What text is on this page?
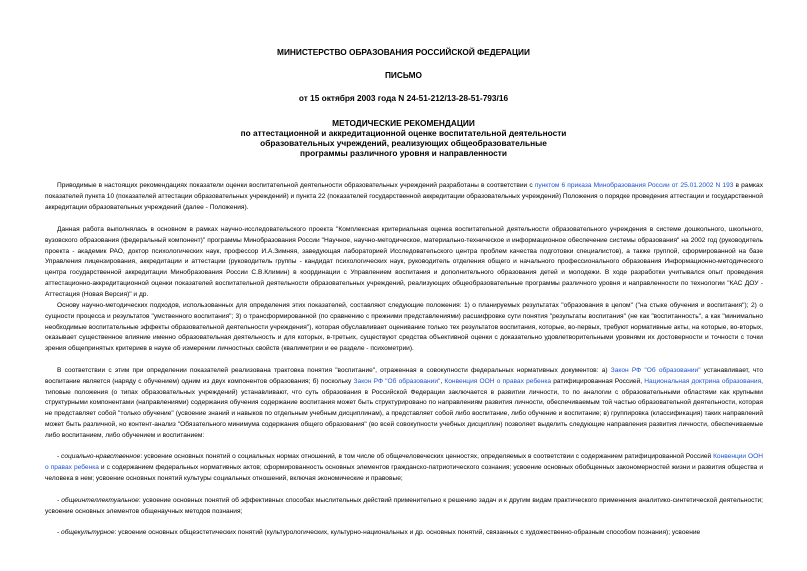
МИНИСТЕРСТВО ОБРАЗОВАНИЯ РОССИЙСКОЙ ФЕДЕРАЦИИ
ПИСЬМО
от 15 октября 2003 года N 24-51-212/13-28-51-793/16
МЕТОДИЧЕСКИЕ РЕКОМЕНДАЦИИ
по аттестационной и аккредитационной оценке воспитательной деятельности
образовательных учреждений, реализующих общеобразовательные
программы различного уровня и направленности
Приводимые в настоящих рекомендациях показатели оценки воспитательной деятельности образовательных учреждений разработаны в соответствии с пунктом 6 приказа Минобразования России от 25.01.2002 N 193 в рамках показателей пункта 10 (показателей аттестации образовательных учреждений) и пункта 22 (показателей государственной аккредитации образовательных учреждений) Положения о порядке проведения аттестации и государственной аккредитации образовательных учреждений (далее - Положения).
Данная работа выполнялась в основном в рамках научно-исследовательского проекта "Комплексная критериальная оценка воспитательной деятельности образовательного учреждения в системе дошкольного, школьного, вузовского образования (федеральный компонент)" программы Минобразования России "Научное, научно-методическое, материально-техническое и информационное обеспечение системы образования" на 2002 год (руководитель проекта - академик РАО, доктор психологических наук, профессор И.А.Зимняя, заведующая лабораторией Исследовательского центра проблем качества подготовки специалистов), а также группой, сформированной на базе Управления лицензирования, аккредитации и аттестации (руководитель группы - кандидат психологических наук, руководитель отделения общего и начального профессионального образования Информационно-методического центра государственной аккредитации Минобразования России С.В.Климин) в координации с Управлением воспитания и дополнительного образования детей и молодежи. В ходе разработки учитывался опыт проведения аттестационно-аккредитационной оценки показателей воспитательной деятельности образовательных учреждений, реализующих общеобразовательные программы различного уровня и направленности по технологии "КАС ДОУ - Аттестация (Новая Версия)" и др.
Основу научно-методических подходов, использованных для определения этих показателей, составляют следующие положения: 1) о планируемых результатах "образования в целом" ("на стыке обучения и воспитания"); 2) о сущности процесса и результатов "умственного воспитания"; 3) о трансформированной (по сравнению с прежними представлениями) расшифровке сути понятия "результаты воспитания" (не как "воспитанность", а как "минимально необходимые воспитательные эффекты образовательной деятельности учреждения"), которая обуславливает оценивание только тех результатов воспитания, которые, во-первых, требуют нормативные акты, на которые, во-вторых, оказывает существенное влияние именно образовательная деятельность и для которых, в-третьих, существуют средства объективной оценки с доказательно удовлетворительными уровнями их достоверности и точности с точки зрения общепринятых критериев в науке об измерении личностных свойств (квалиметрии и ее разделе - психометрии).
В соответствии с этим при определении показателей реализована трактовка понятия "воспитание", отраженная в совокупности федеральных нормативных документов: а) Закон РФ "Об образовании" устанавливает, что воспитание является (наряду с обучением) одним из двух компонентов образования; б) поскольку Закон РФ "Об образовании", Конвенция ООН о правах ребенка ратифицированная Россией, Национальная доктрина образования, типовые положения (о типах образовательных учреждений) устанавливают, что суть образования в Российской Федерации заключается в развитии личности, то по аналогии с образовательными областями как крупными структурными компонентами (направлениями) содержания обучения содержание воспитания может быть структурировано по направлениям развития личности, обеспечиваемым той частью образовательной деятельности, которая не представляет собой "только обучение" (усвоение знаний и навыков по отдельным учебным дисциплинам), а представляет собой либо воспитание, либо обучение и воспитание; в) группировка (классификация) таких направлений может быть различной, но контент-анализ "Обязательного минимума содержания общего образования" (во всей совокупности учебных дисциплин) позволяет выделить следующие направления развития личности, обеспечиваемые либо воспитанием, либо обучением и воспитанием:
- социально-нравственное: усвоение основных понятий о социальных нормах отношений, в том числе об общечеловеческих ценностях, определяемых в соответствии с содержанием ратифицированной Россией Конвенции ООН о правах ребенка и с содержанием федеральных нормативных актов; сформированность основных элементов гражданско-патриотического сознания; усвоение основных обобщенных закономерностей жизни и развития общества и человека в нем; усвоение основных понятий культуры социальных отношений, включая экономические и правовые;
- общеинтеллектуальное: усвоение основных понятий об эффективных способах мыслительных действий применительно к решению задач и к другим видам практического применения аналитико-синтетической деятельности; усвоение основных элементов общенаучных методов познания;
- общекультурное: усвоение основных общеэстетических понятий (культурологических, культурно-национальных и др. основных понятий, связанных с художественно-образным способом познания); усвоение
